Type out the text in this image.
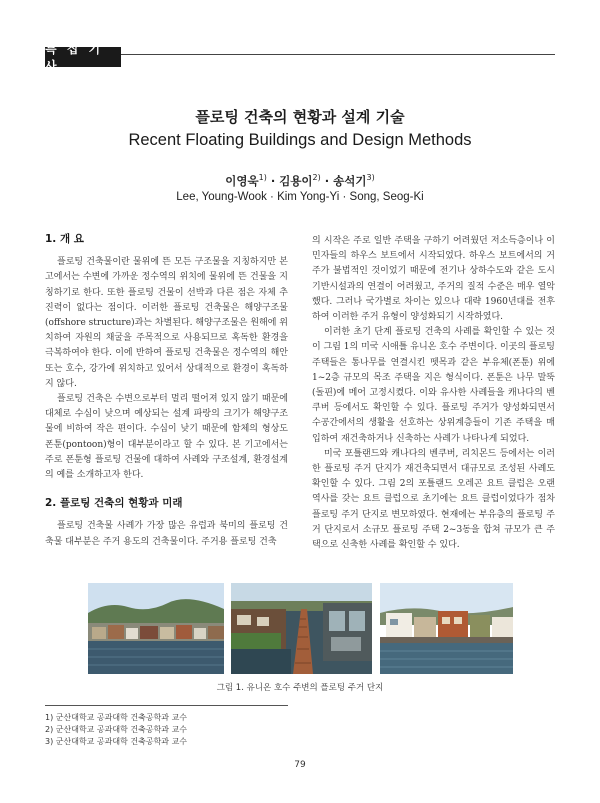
특 집 기 사
플로팅 건축의 현황과 설계 기술
Recent Floating Buildings and Design Methods
이영욱$^{1)}$ · 김용이$^{2)}$ · 송석기$^{3)}$
Lee, Young-Wook · Kim Yong-Yi · Song, Seog-Ki
1. 개 요

플로팅 건축물이란 물위에 뜬 모든 구조물을 지칭하지만 본고에서는 수변에 가까운 정수역의 위치에 물위에 뜬 건물을 지칭하기로 한다. 또한 플로팅 건물이 선박과 다른 점은 자체 추진력이 없다는 점이다. 이러한 플로팅 건축물은 해양구조물(offshore structure)과는 차별된다. 해양구조물은 원해에 위치하여 자원의 채굴을 주목적으로 사용되므로 혹독한 환경을 극복하여야 한다. 이에 반하여 플로팅 건축물은 정수역의 해안 또는 호수, 강가에 위치하고 있어서 상대적으로 환경이 혹독하지 않다.

플로팅 건축은 수변으로부터 멀리 떨어져 있지 않기 때문에 대체로 수심이 낮으며 예상되는 설계 파랑의 크기가 해양구조물에 비하여 작은 편이다. 수심이 낮기 때문에 함체의 형상도 폰툰(pontoon)형이 대부분이라고 할 수 있다. 본 기고에서는 주로 폰툰형 플로팅 건물에 대하여 사례와 구조설계, 환경설계의 예를 소개하고자 한다.

2. 플로팅 건축의 현황과 미래

플로팅 건축물 사례가 가장 많은 유럽과 북미의 플로팅 건축물 대부분은 주거 용도의 건축물이다. 주거용 플로팅 건축

의 시작은 주로 일반 주택을 구하기 어려웠던 저소득층이나 이민자들의 하우스 보트에서 시작되었다. 하우스 보트에서의 거주가 불법적인 것이었기 때문에 전기나 상하수도와 같은 도시 기반시설과의 연결이 어려웠고, 주거의 질적 수준은 매우 열악했다. 그러나 국가별로 차이는 있으나 대략 1960년대를 전후하여 이러한 주거 유형이 양성화되기 시작하였다.

이러한 초기 단계 플로팅 건축의 사례를 확인할 수 있는 것이 그림 1의 미국 시애틀 유니온 호수 주변이다. 이곳의 플로팅 주택들은 통나무를 연결시킨 뗏목과 같은 부유체(폰툰) 위에 1~2층 규모의 목조 주택을 지은 형식이다. 폰툰은 나무 말뚝(돌핀)에 메어 고정시켰다. 이와 유사한 사례들을 캐나다의 벤쿠버 등에서도 확인할 수 있다. 플로팅 주거가 양성화되면서 수공간에서의 생활을 선호하는 상위계층들이 기존 주택을 매입하여 재건축하거나 신축하는 사례가 나타나게 되었다.

미국 포틀랜드와 캐나다의 벤쿠버, 리치몬드 등에서는 이러한 플로팅 주거 단지가 재건축되면서 대규모로 조성된 사례도 확인할 수 있다. 그림 2의 포틀랜드 오레곤 요트 클럽은 오랜 역사를 갖는 요트 클럽으로 초기에는 요트 클럽이었다가 점차 플로팅 주거 단지로 변모하였다. 현재에는 부유층의 플로팅 주거 단지로서 소규모 플로팅 주택 2~3동을 합쳐 규모가 큰 주택으로 신축한 사례를 확인할 수 있다.

그림 1. 유니온 호수 주변의 플로팅 주거 단지
1) 군산대학교 공과대학 건축공학과 교수
2) 군산대학교 공과대학 건축공학과 교수
3) 군산대학교 공과대학 건축공학과 교수
79
